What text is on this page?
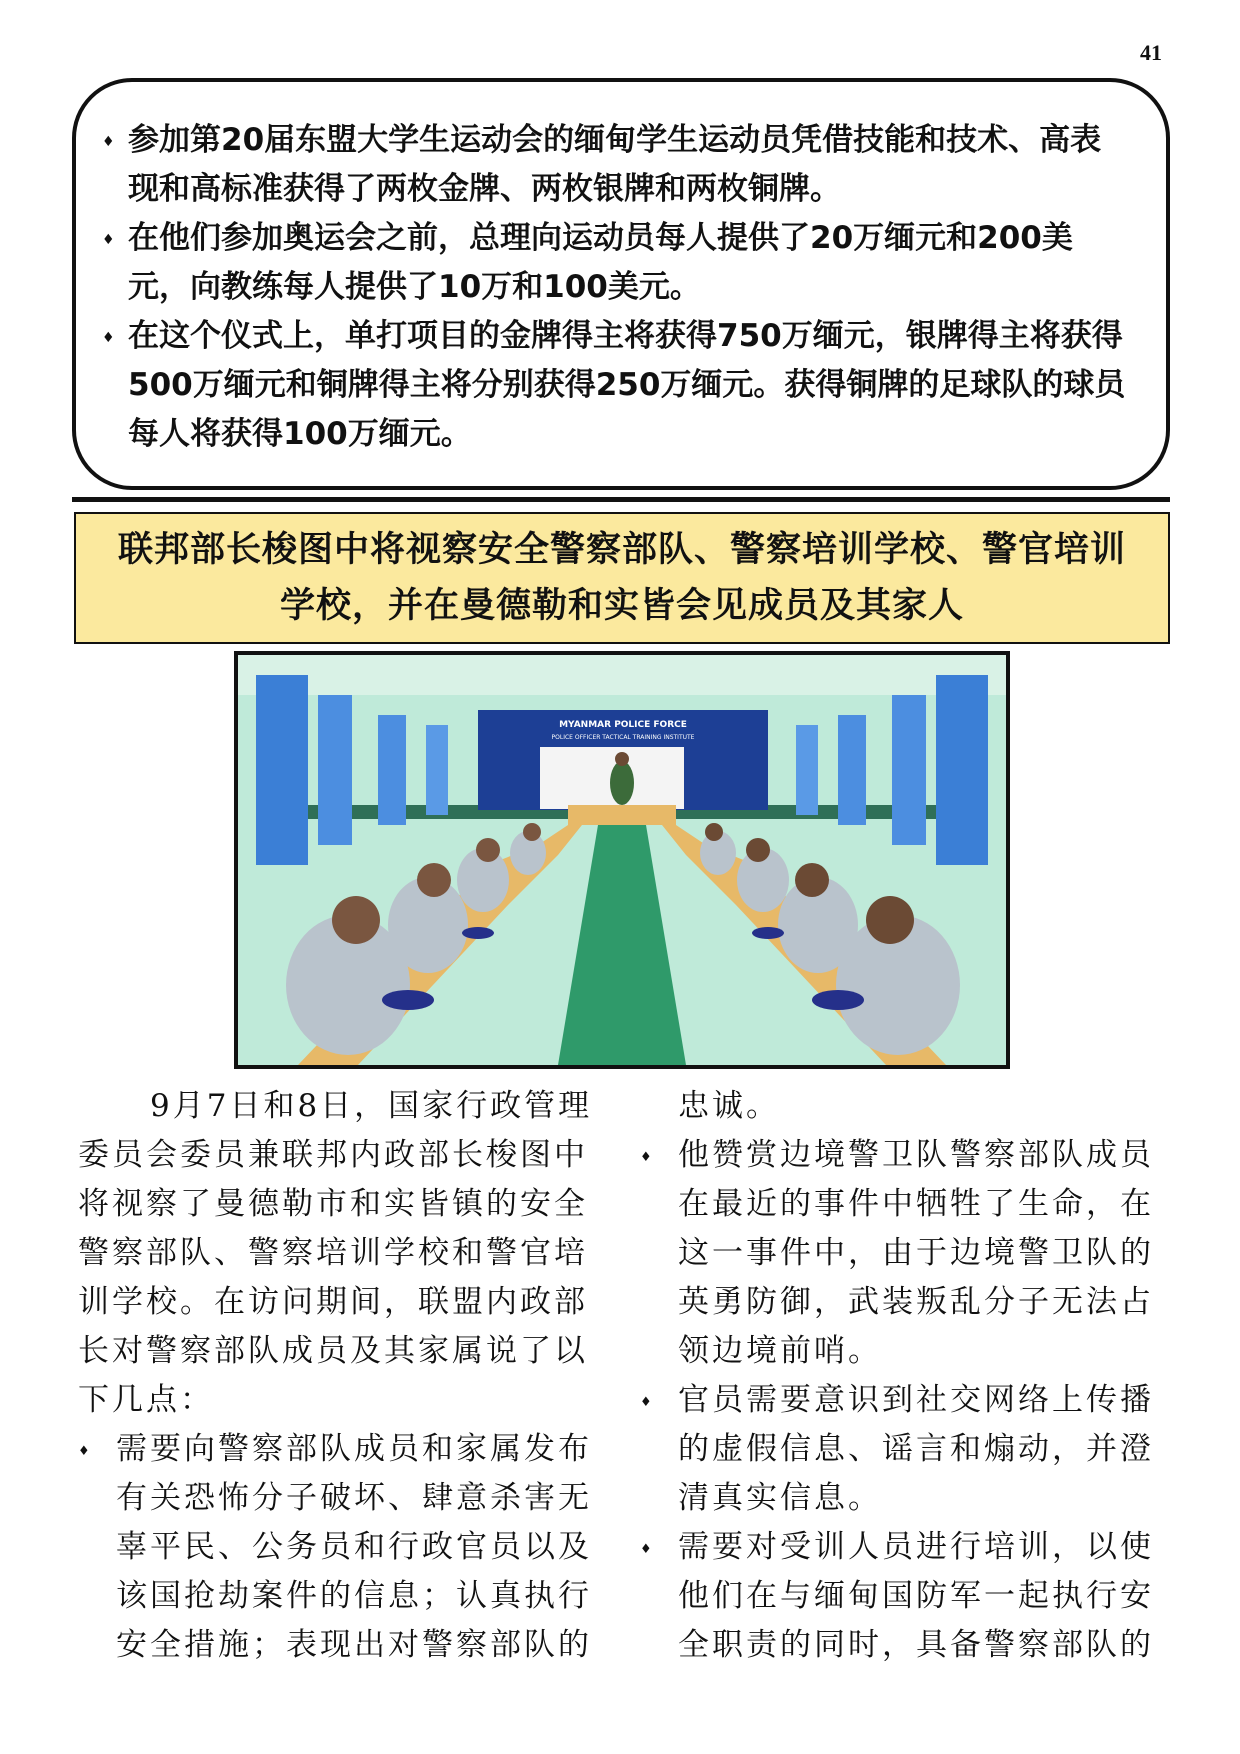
41
♦ 参加第20届东盟大学生运动会的缅甸学生运动员凭借技能和技术、高表现和高标准获得了两枚金牌、两枚银牌和两枚铜牌。
♦ 在他们参加奥运会之前，总理向运动员每人提供了20万缅元和200美元，向教练每人提供了10万和100美元。
♦ 在这个仪式上，单打项目的金牌得主将获得750万缅元，银牌得主将获得500万缅元和铜牌得主将分别获得250万缅元。获得铜牌的足球队的球员每人将获得100万缅元。
联邦部长梭图中将视察安全警察部队、警察培训学校、警官培训
学校，并在曼德勒和实皆会见成员及其家人
MYANMAR POLICE FORCE
POLICE OFFICER TACTICAL TRAINING INSTITUTE

9月7日和8日，国家行政管理委员会委员兼联邦内政部长梭图中将视察了曼德勒市和实皆镇的安全警察部队、警察培训学校和警官培训学校。在访问期间，联盟内政部长对警察部队成员及其家属说了以下几点：

♦ 需要向警察部队成员和家属发布有关恐怖分子破坏、肆意杀害无辜平民、公务员和行政官员以及该国抢劫案件的信息；认真执行安全措施；表现出对警察部队的

忠诚。

♦ 他赞赏边境警卫队警察部队成员在最近的事件中牺牲了生命，在这一事件中，由于边境警卫队的英勇防御，武装叛乱分子无法占领边境前哨。
♦ 官员需要意识到社交网络上传播的虚假信息、谣言和煽动，并澄清真实信息。
♦ 需要对受训人员进行培训，以使他们在与缅甸国防军一起执行安全职责的同时，具备警察部队的
